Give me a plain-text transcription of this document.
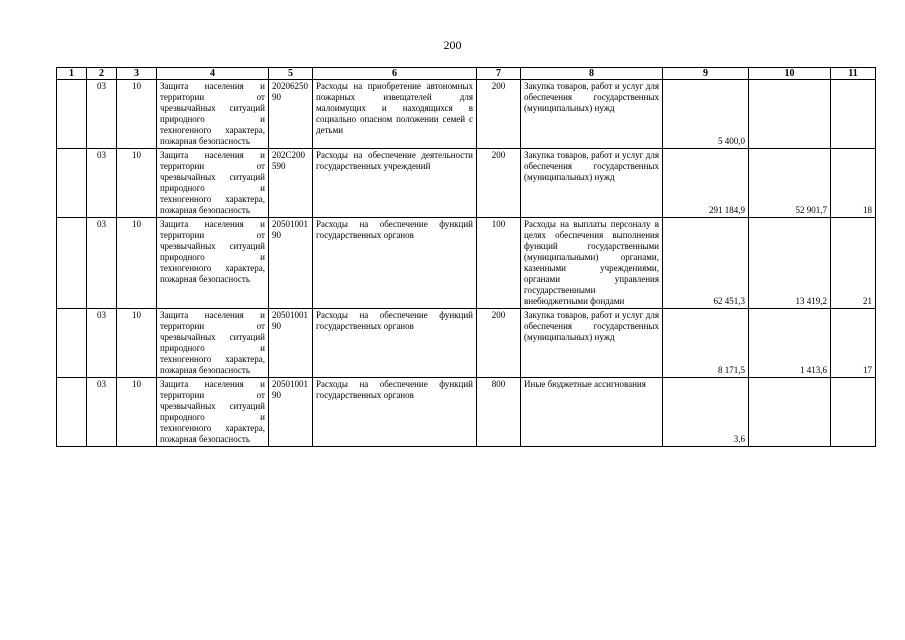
200
1	2	3	4	5	6	7	8	9	10	11
	03	10	Защита населения и территории от чрезвычайных ситуаций природного и техногенного характера, пожарная безопасность	2020625090	Расходы на приобретение автономных пожарных извещателей для малоимущих и находящихся в социально опасном положении семей с детьми	200	Закупка товаров, работ и услуг для обеспечения государственных (муниципальных) нужд	5 400,0		
	03	10	Защита населения и территории от чрезвычайных ситуаций природного и техногенного характера, пожарная безопасность	202С200590	Расходы на обеспечение деятельности государственных учреждений	200	Закупка товаров, работ и услуг для обеспечения государственных (муниципальных) нужд	291 184,9	52 901,7	18
	03	10	Защита населения и территории от чрезвычайных ситуаций природного и техногенного характера, пожарная безопасность	2050100190	Расходы на обеспечение функций государственных органов	100	Расходы на выплаты персоналу в целях обеспечения выполнения функций государственными (муниципальными) органами, казенными учреждениями, органами управления государственными внебюджетными фондами	62 451,3	13 419,2	21
	03	10	Защита населения и территории от чрезвычайных ситуаций природного и техногенного характера, пожарная безопасность	2050100190	Расходы на обеспечение функций государственных органов	200	Закупка товаров, работ и услуг для обеспечения государственных (муниципальных) нужд	8 171,5	1 413,6	17
	03	10	Защита населения и территории от чрезвычайных ситуаций природного и техногенного характера, пожарная безопасность	2050100190	Расходы на обеспечение функций государственных органов	800	Иные бюджетные ассигнования	3,6		
